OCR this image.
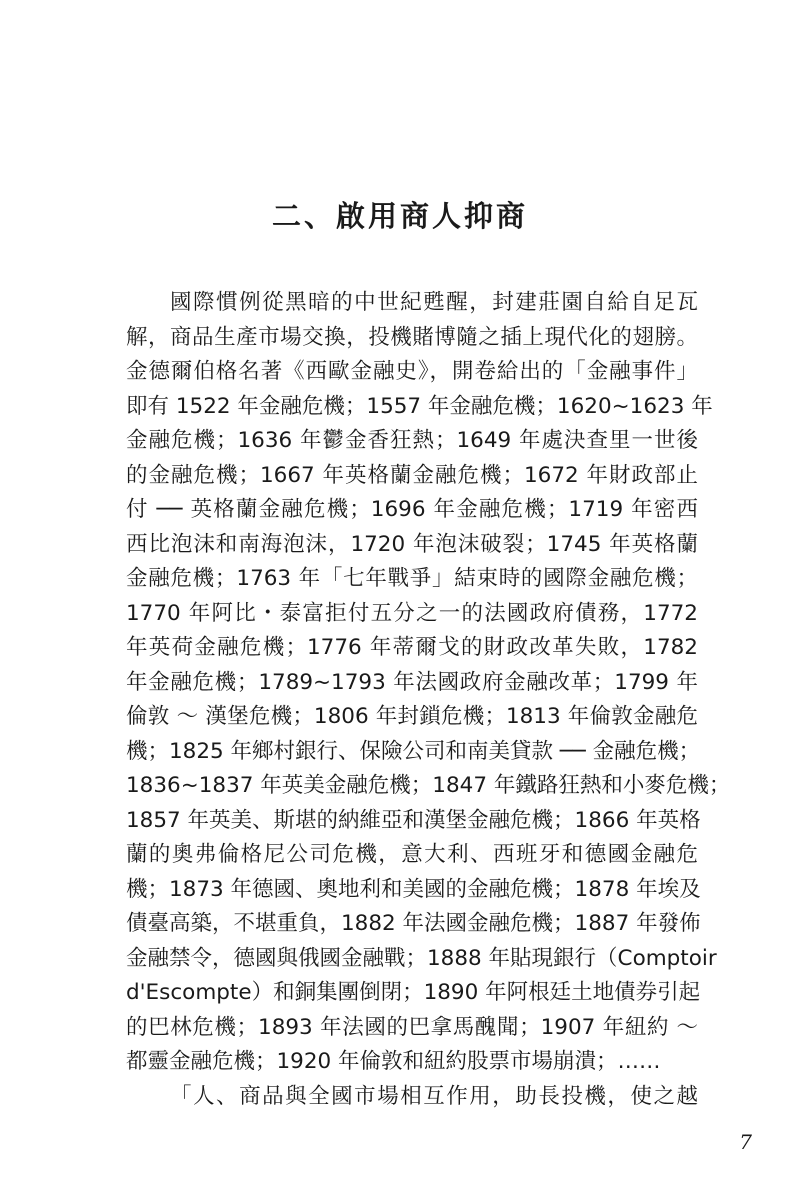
二、啟用商人抑商
國際慣例從黑暗的中世紀甦醒，封建莊園自給自足瓦
解，商品生產市場交換，投機賭博隨之插上現代化的翅膀。
金德爾伯格名著《西歐金融史》，開卷給出的「金融事件」
即有 1522 年金融危機；1557 年金融危機；1620~1623 年
金融危機；1636 年鬱金香狂熱；1649 年處決查里一世後
的金融危機；1667 年英格蘭金融危機；1672 年財政部止
付 ── 英格蘭金融危機；1696 年金融危機；1719 年密西
西比泡沫和南海泡沫，1720 年泡沫破裂；1745 年英格蘭
金融危機；1763 年「七年戰爭」結束時的國際金融危機；
1770 年阿比・泰富拒付五分之一的法國政府債務，1772
年英荷金融危機；1776 年蒂爾戈的財政改革失敗，1782
年金融危機；1789~1793 年法國政府金融改革；1799 年
倫敦 ～ 漢堡危機；1806 年封鎖危機；1813 年倫敦金融危
機；1825 年鄉村銀行、保險公司和南美貸款 ── 金融危機；
1836~1837 年英美金融危機；1847 年鐵路狂熱和小麥危機；
1857 年英美、斯堪的納維亞和漢堡金融危機；1866 年英格
蘭的奧弗倫格尼公司危機，意大利、西班牙和德國金融危
機；1873 年德國、奧地利和美國的金融危機；1878 年埃及
債臺高築，不堪重負，1882 年法國金融危機；1887 年發佈
金融禁令，德國與俄國金融戰；1888 年貼現銀行（Comptoir
d'Escompte）和銅集團倒閉；1890 年阿根廷土地債券引起
的巴林危機；1893 年法國的巴拿馬醜聞；1907 年紐約 ～
都靈金融危機；1920 年倫敦和紐約股票市場崩潰；……
「人、商品與全國市場相互作用，助長投機，使之越
7
